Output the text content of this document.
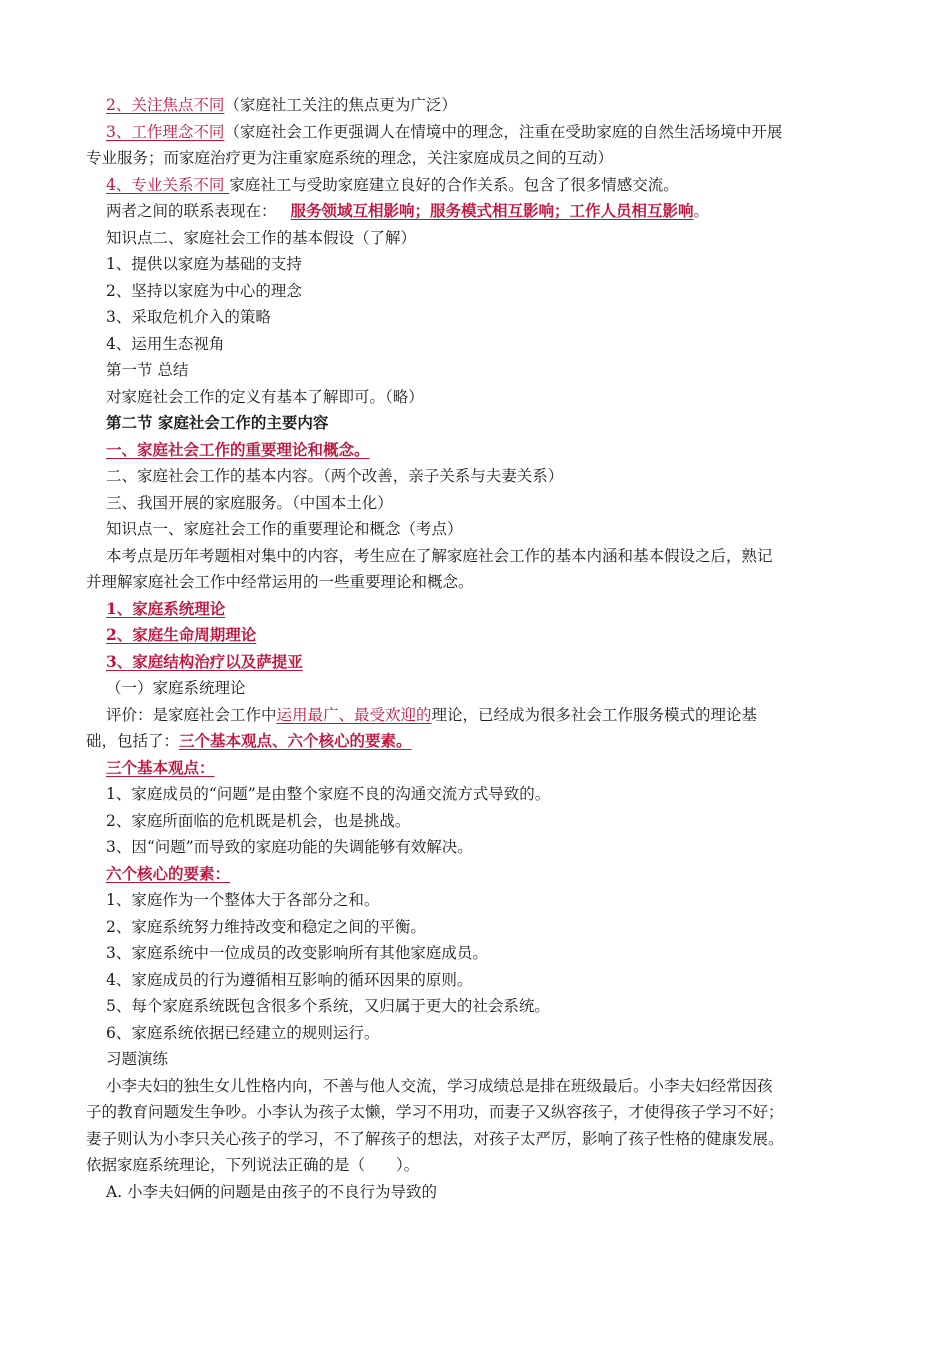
2、关注焦点不同（家庭社工关注的焦点更为广泛）
3、工作理念不同（家庭社会工作更强调人在情境中的理念，注重在受助家庭的自然生活场境中开展
专业服务；而家庭治疗更为注重家庭系统的理念，关注家庭成员之间的互动）
4、专业关系不同 家庭社工与受助家庭建立良好的合作关系。包含了很多情感交流。
两者之间的联系表现在： 服务领域互相影响；服务模式相互影响；工作人员相互影响。
知识点二、家庭社会工作的基本假设（了解）
1、提供以家庭为基础的支持
2、坚持以家庭为中心的理念
3、采取危机介入的策略
4、运用生态视角
第一节 总结
对家庭社会工作的定义有基本了解即可。（略）
第二节 家庭社会工作的主要内容
一、家庭社会工作的重要理论和概念。
二、家庭社会工作的基本内容。（两个改善，亲子关系与夫妻关系）
三、我国开展的家庭服务。（中国本土化）
知识点一、家庭社会工作的重要理论和概念（考点）
本考点是历年考题相对集中的内容，考生应在了解家庭社会工作的基本内涵和基本假设之后，熟记
并理解家庭社会工作中经常运用的一些重要理论和概念。
1、家庭系统理论
2、家庭生命周期理论
3、家庭结构治疗以及萨提亚
（一）家庭系统理论
评价：是家庭社会工作中运用最广、最受欢迎的理论，已经成为很多社会工作服务模式的理论基
础，包括了：三个基本观点、六个核心的要素。
三个基本观点：
1、家庭成员的“问题”是由整个家庭不良的沟通交流方式导致的。
2、家庭所面临的危机既是机会，也是挑战。
3、因“问题”而导致的家庭功能的失调能够有效解决。
六个核心的要素：
1、家庭作为一个整体大于各部分之和。
2、家庭系统努力维持改变和稳定之间的平衡。
3、家庭系统中一位成员的改变影响所有其他家庭成员。
4、家庭成员的行为遵循相互影响的循环因果的原则。
5、每个家庭系统既包含很多个系统，又归属于更大的社会系统。
6、家庭系统依据已经建立的规则运行。
习题演练
小李夫妇的独生女儿性格内向，不善与他人交流，学习成绩总是排在班级最后。小李夫妇经常因孩
子的教育问题发生争吵。小李认为孩子太懒，学习不用功，而妻子又纵容孩子，才使得孩子学习不好；
妻子则认为小李只关心孩子的学习，不了解孩子的想法，对孩子太严厉，影响了孩子性格的健康发展。
依据家庭系统理论，下列说法正确的是（　　）。
A. 小李夫妇俩的问题是由孩子的不良行为导致的
